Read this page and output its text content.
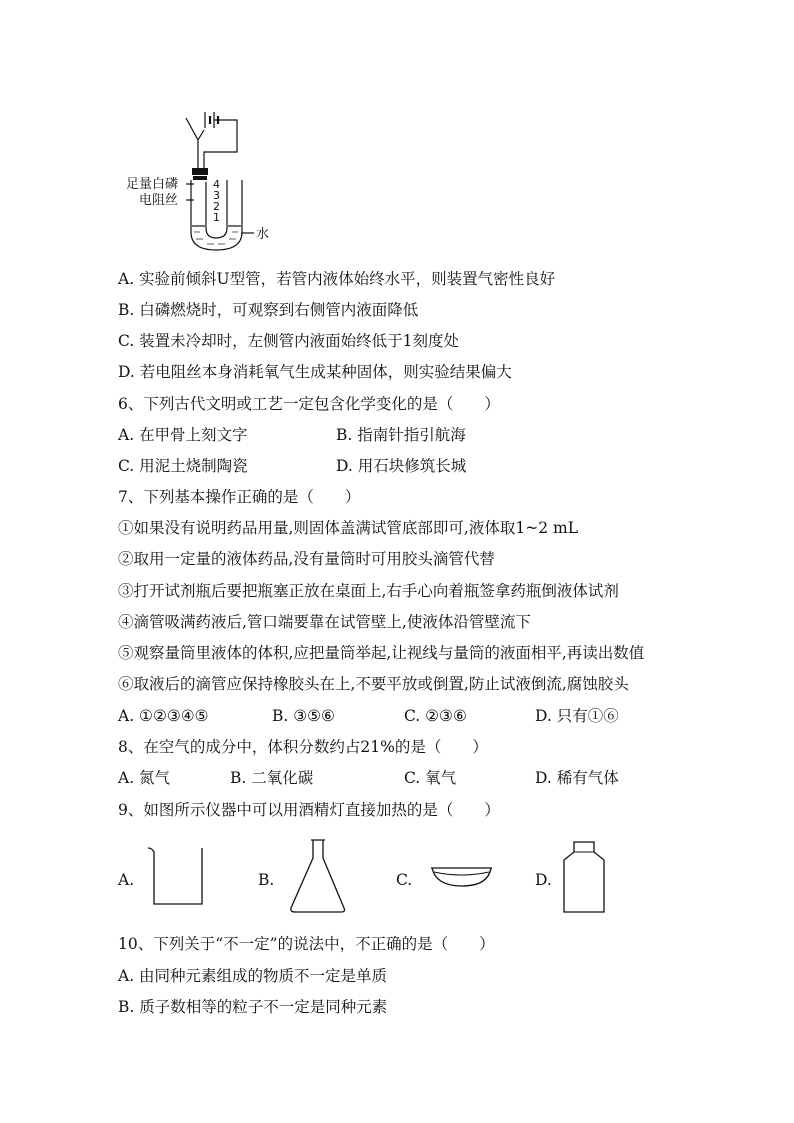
足量白磷
电阻丝
水
4
3
2
1
A. 实验前倾斜U型管，若管内液体始终水平，则装置气密性良好
B. 白磷燃烧时，可观察到右侧管内液面降低
C. 装置未冷却时，左侧管内液面始终低于1刻度处
D. 若电阻丝本身消耗氧气生成某种固体，则实验结果偏大
6、下列古代文明或工艺一定包含化学变化的是（　　）
A. 在甲骨上刻文字	B. 指南针指引航海
C. 用泥土烧制陶瓷	D. 用石块修筑长城
7、下列基本操作正确的是（　　）
①如果没有说明药品用量,则固体盖满试管底部即可,液体取1~2 mL
②取用一定量的液体药品,没有量筒时可用胶头滴管代替
③打开试剂瓶后要把瓶塞正放在桌面上,右手心向着瓶签拿药瓶倒液体试剂
④滴管吸满药液后,管口端要靠在试管壁上,使液体沿管壁流下
⑤观察量筒里液体的体积,应把量筒举起,让视线与量筒的液面相平,再读出数值
⑥取液后的滴管应保持橡胶头在上,不要平放或倒置,防止试液倒流,腐蚀胶头
A. ①②③④⑤	B. ③⑤⑥	C. ②③⑥	D. 只有①⑥
8、在空气的成分中，体积分数约占21%的是（　　）
A. 氮气	B. 二氧化碳	C. 氧气	D. 稀有气体
9、如图所示仪器中可以用酒精灯直接加热的是（　　）
A.	B.	C.	D.
10、下列关于“不一定”的说法中，不正确的是（　　）
A. 由同种元素组成的物质不一定是单质
B. 质子数相等的粒子不一定是同种元素
